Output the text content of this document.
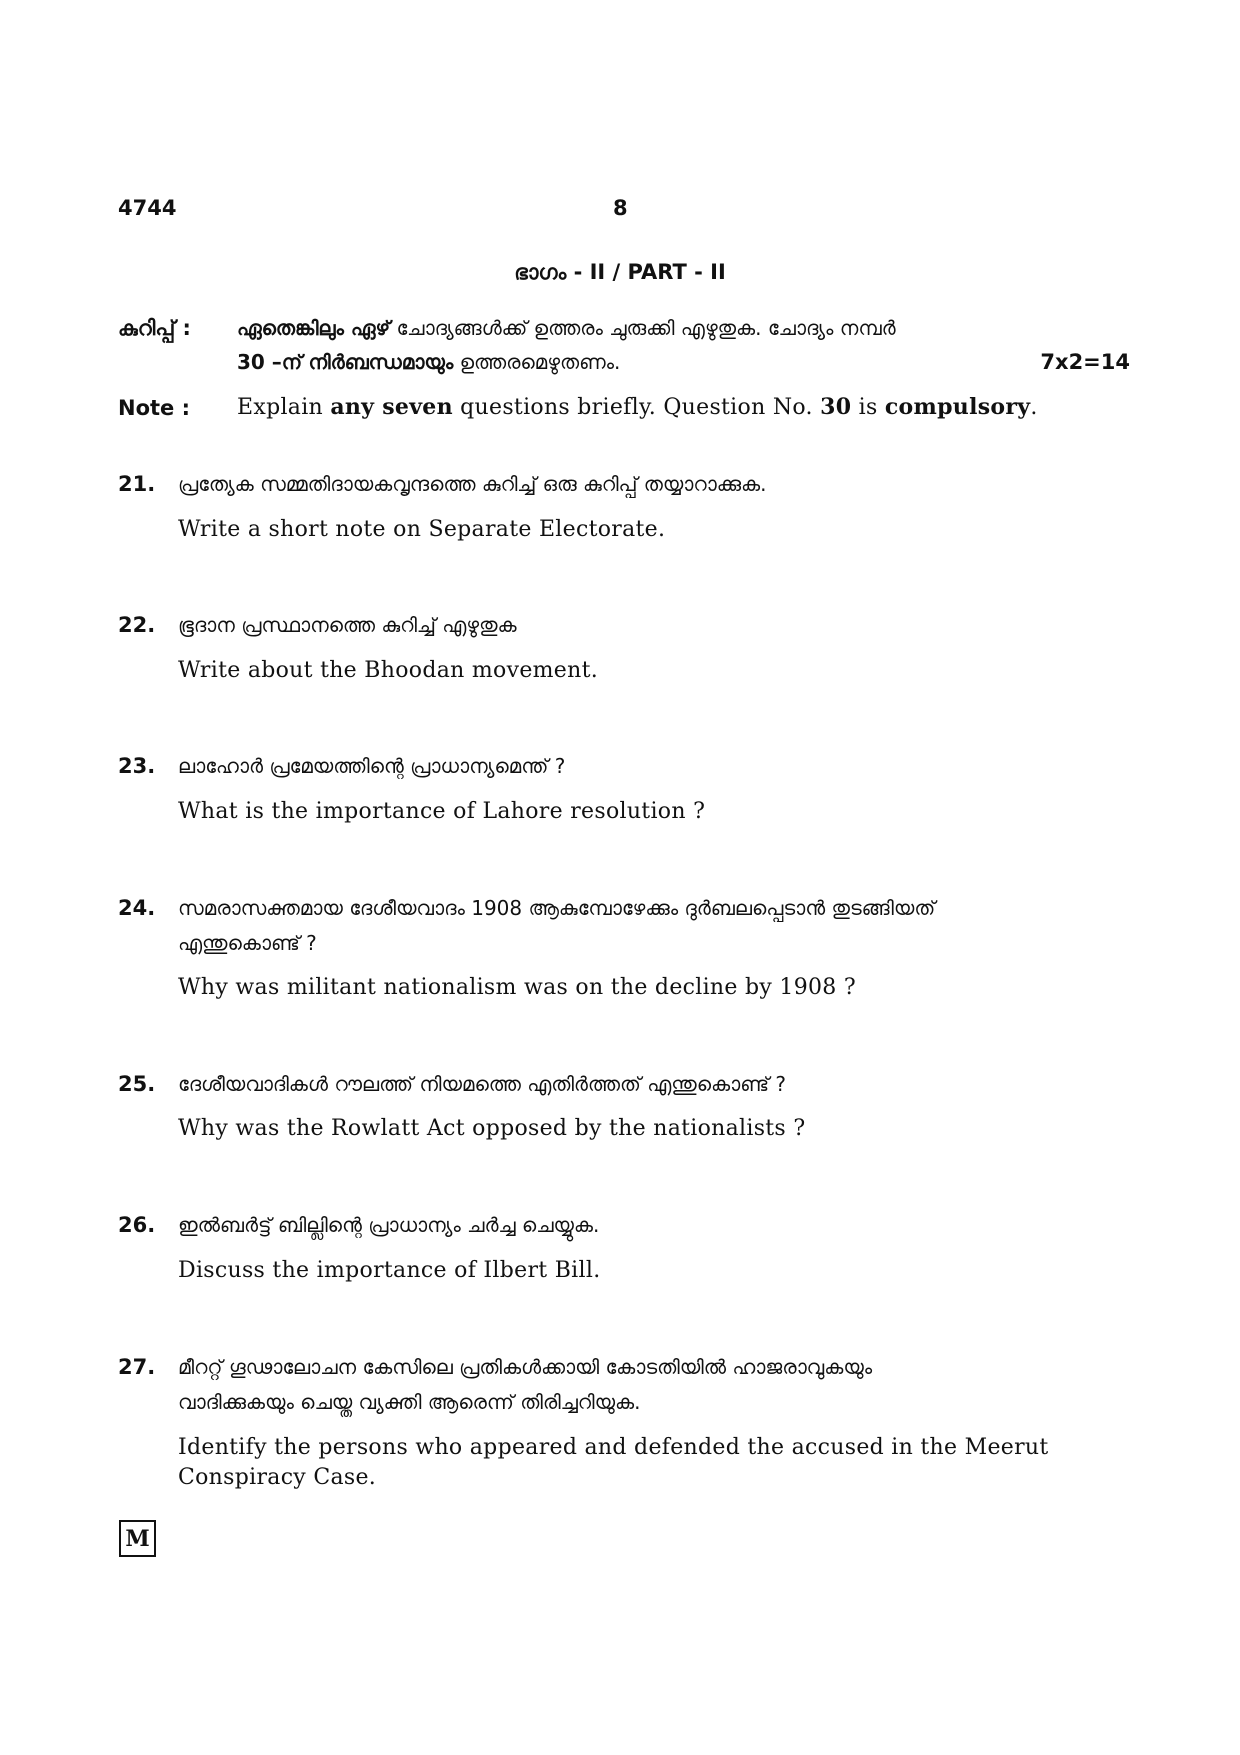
4744	8
ഭാഗം - II / PART - II
കുറിപ്പ് : ഏതെങ്കിലും ഏഴ് ചോദ്യങ്ങൾക്ക് ഉത്തരം ചുരുക്കി എഴുതുക. ചോദ്യം നമ്പർ
30 –ന് നിർബന്ധമായും ഉത്തരമെഴുതണം.	7x2=14
Note : Explain any seven questions briefly. Question No. 30 is compulsory.
21. പ്രത്യേക സമ്മതിദായകവൃന്ദത്തെ കുറിച്ച് ഒരു കുറിപ്പ് തയ്യാറാക്കുക.
Write a short note on Separate Electorate.
22. ഭൂദാന പ്രസ്ഥാനത്തെ കുറിച്ച് എഴുതുക
Write about the Bhoodan movement.
23. ലാഹോർ പ്രമേയത്തിന്റെ പ്രാധാന്യമെന്ത് ?
What is the importance of Lahore resolution ?
24. സമരാസക്തമായ ദേശീയവാദം 1908 ആകുമ്പോഴേക്കും ദുർബലപ്പെടാൻ തുടങ്ങിയത്
എന്തുകൊണ്ട് ?
Why was militant nationalism was on the decline by 1908 ?
25. ദേശീയവാദികൾ റൗലത്ത് നിയമത്തെ എതിർത്തത് എന്തുകൊണ്ട് ?
Why was the Rowlatt Act opposed by the nationalists ?
26. ഇൽബർട്ട് ബില്ലിന്റെ പ്രാധാന്യം ചർച്ച ചെയ്യുക.
Discuss the importance of Ilbert Bill.
27. മീററ്റ് ഗൂഢാലോചന കേസിലെ പ്രതികൾക്കായി കോടതിയിൽ ഹാജരാവുകയും
വാദിക്കുകയും ചെയ്ത വ്യക്തി ആരെന്ന് തിരിച്ചറിയുക.
Identify the persons who appeared and defended the accused in the Meerut Conspiracy Case.
M
